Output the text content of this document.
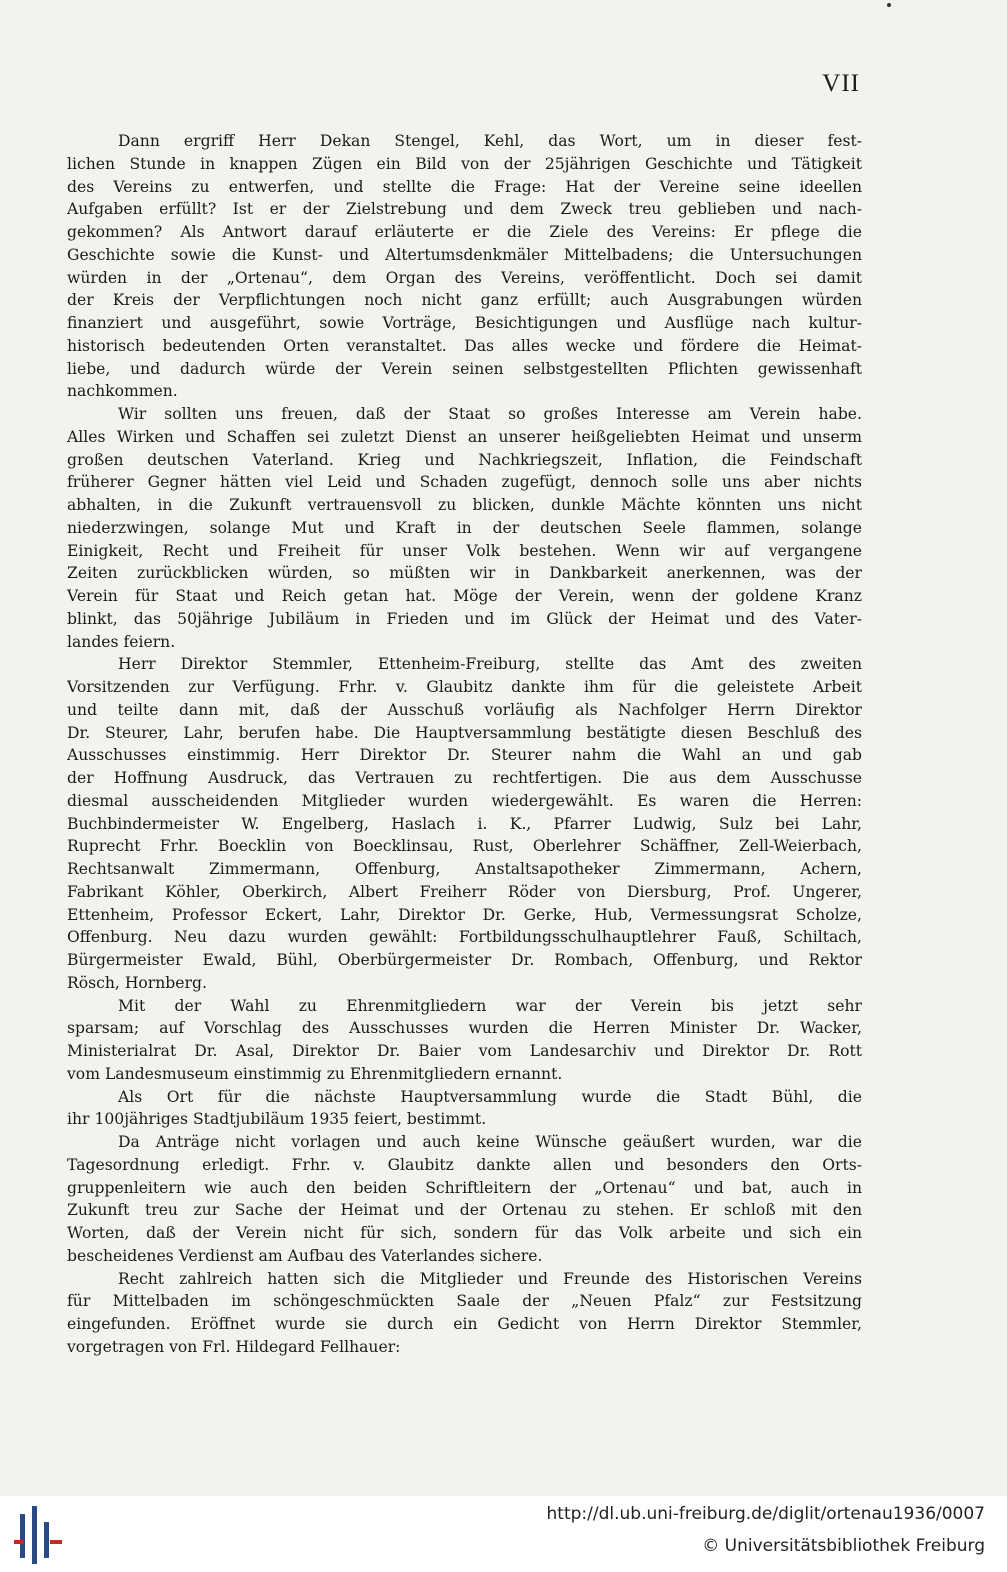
VII

Dann ergriff Herr Dekan Stengel, Kehl, das Wort, um in dieser fest-
lichen Stunde in knappen Zügen ein Bild von der 25jährigen Geschichte und Tätigkeit
des Vereins zu entwerfen, und stellte die Frage: Hat der Vereine seine ideellen
Aufgaben erfüllt? Ist er der Zielstrebung und dem Zweck treu geblieben und nach-
gekommen? Als Antwort darauf erläuterte er die Ziele des Vereins: Er pflege die
Geschichte sowie die Kunst- und Altertumsdenkmäler Mittelbadens; die Untersuchungen
würden in der „Ortenau“, dem Organ des Vereins, veröffentlicht. Doch sei damit
der Kreis der Verpflichtungen noch nicht ganz erfüllt; auch Ausgrabungen würden
finanziert und ausgeführt, sowie Vorträge, Besichtigungen und Ausflüge nach kultur-
historisch bedeutenden Orten veranstaltet. Das alles wecke und fördere die Heimat-
liebe, und dadurch würde der Verein seinen selbstgestellten Pflichten gewissenhaft
nachkommen.

Wir sollten uns freuen, daß der Staat so großes Interesse am Verein habe.
Alles Wirken und Schaffen sei zuletzt Dienst an unserer heißgeliebten Heimat und unserm
großen deutschen Vaterland. Krieg und Nachkriegszeit, Inflation, die Feindschaft
früherer Gegner hätten viel Leid und Schaden zugefügt, dennoch solle uns aber nichts
abhalten, in die Zukunft vertrauensvoll zu blicken, dunkle Mächte könnten uns nicht
niederzwingen, solange Mut und Kraft in der deutschen Seele flammen, solange
Einigkeit, Recht und Freiheit für unser Volk bestehen. Wenn wir auf vergangene
Zeiten zurückblicken würden, so müßten wir in Dankbarkeit anerkennen, was der
Verein für Staat und Reich getan hat. Möge der Verein, wenn der goldene Kranz
blinkt, das 50jährige Jubiläum in Frieden und im Glück der Heimat und des Vater-
landes feiern.

Herr Direktor Stemmler, Ettenheim-Freiburg, stellte das Amt des zweiten
Vorsitzenden zur Verfügung. Frhr. v. Glaubitz dankte ihm für die geleistete Arbeit
und teilte dann mit, daß der Ausschuß vorläufig als Nachfolger Herrn Direktor
Dr. Steurer, Lahr, berufen habe. Die Hauptversammlung bestätigte diesen Beschluß des
Ausschusses einstimmig. Herr Direktor Dr. Steurer nahm die Wahl an und gab
der Hoffnung Ausdruck, das Vertrauen zu rechtfertigen. Die aus dem Ausschusse
diesmal ausscheidenden Mitglieder wurden wiedergewählt. Es waren die Herren:
Buchbindermeister W. Engelberg, Haslach i. K., Pfarrer Ludwig, Sulz bei Lahr,
Ruprecht Frhr. Boecklin von Boecklinsau, Rust, Oberlehrer Schäffner, Zell-Weierbach,
Rechtsanwalt Zimmermann, Offenburg, Anstaltsapotheker Zimmermann, Achern,
Fabrikant Köhler, Oberkirch, Albert Freiherr Röder von Diersburg, Prof. Ungerer,
Ettenheim, Professor Eckert, Lahr, Direktor Dr. Gerke, Hub, Vermessungsrat Scholze,
Offenburg. Neu dazu wurden gewählt: Fortbildungsschulhauptlehrer Fauß, Schiltach,
Bürgermeister Ewald, Bühl, Oberbürgermeister Dr. Rombach, Offenburg, und Rektor
Rösch, Hornberg.

Mit der Wahl zu Ehrenmitgliedern war der Verein bis jetzt sehr
sparsam; auf Vorschlag des Ausschusses wurden die Herren Minister Dr. Wacker,
Ministerialrat Dr. Asal, Direktor Dr. Baier vom Landesarchiv und Direktor Dr. Rott
vom Landesmuseum einstimmig zu Ehrenmitgliedern ernannt.

Als Ort für die nächste Hauptversammlung wurde die Stadt Bühl, die
ihr 100jähriges Stadtjubiläum 1935 feiert, bestimmt.

Da Anträge nicht vorlagen und auch keine Wünsche geäußert wurden, war die
Tagesordnung erledigt. Frhr. v. Glaubitz dankte allen und besonders den Orts-
gruppenleitern wie auch den beiden Schriftleitern der „Ortenau“ und bat, auch in
Zukunft treu zur Sache der Heimat und der Ortenau zu stehen. Er schloß mit den
Worten, daß der Verein nicht für sich, sondern für das Volk arbeite und sich ein
bescheidenes Verdienst am Aufbau des Vaterlandes sichere.

Recht zahlreich hatten sich die Mitglieder und Freunde des Historischen Vereins
für Mittelbaden im schöngeschmückten Saale der „Neuen Pfalz“ zur Festsitzung
eingefunden. Eröffnet wurde sie durch ein Gedicht von Herrn Direktor Stemmler,
vorgetragen von Frl. Hildegard Fellhauer:

http://dl.ub.uni-freiburg.de/diglit/ortenau1936/0007
© Universitätsbibliothek Freiburg
